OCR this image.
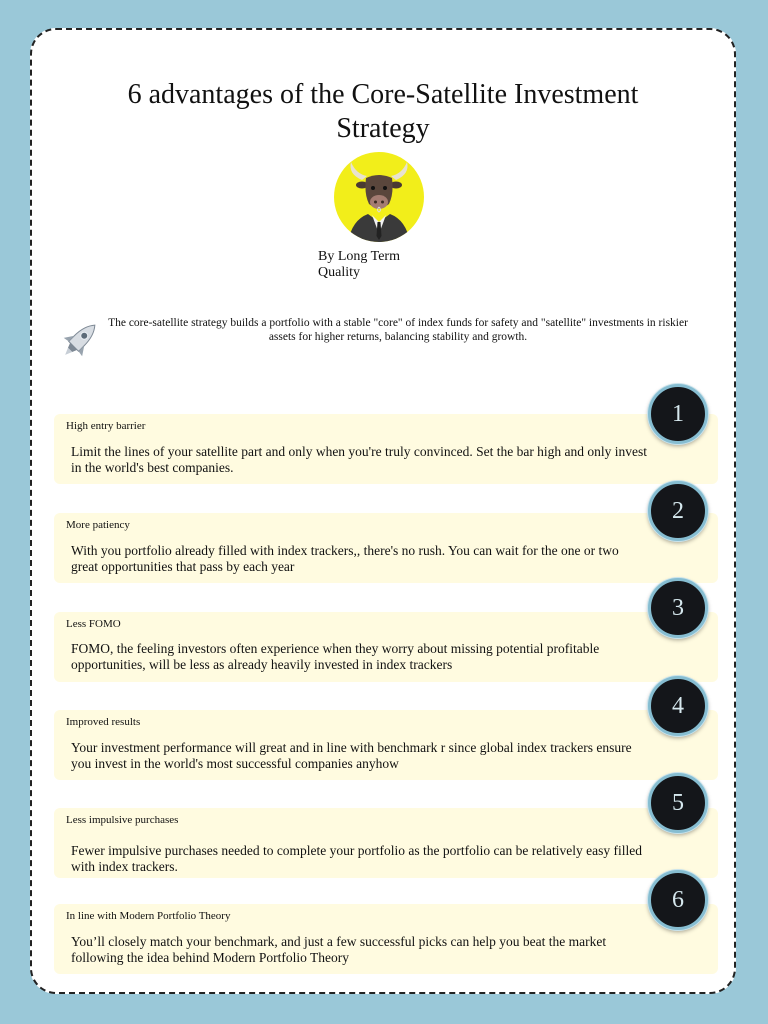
6 advantages of the Core-Satellite Investment Strategy
By Long Term Quality
The core-satellite strategy builds a portfolio with a stable "core" of index funds for safety and "satellite" investments in riskier assets for higher returns, balancing stability and growth.
High entry barrier
Limit the lines of your satellite part and only when you're truly convinced. Set the bar high and only invest in the world's best companies.
1
More patiency
With you portfolio already filled with index trackers,, there's no rush. You can wait for the one or two great opportunities that pass by each year
2
Less FOMO
FOMO, the feeling investors often experience when they worry about missing potential profitable opportunities, will be less as already heavily invested in index trackers
3
Improved results
Your investment performance will great and in line with benchmark r since global index trackers ensure you invest in the world's most successful companies anyhow
4
Less impulsive purchases
Fewer impulsive purchases needed to complete your portfolio as the portfolio can be relatively easy filled with index trackers.
5
In line with Modern Portfolio Theory
You’ll closely match your benchmark, and just a few successful picks can help you beat the market following the idea behind Modern Portfolio Theory
6
